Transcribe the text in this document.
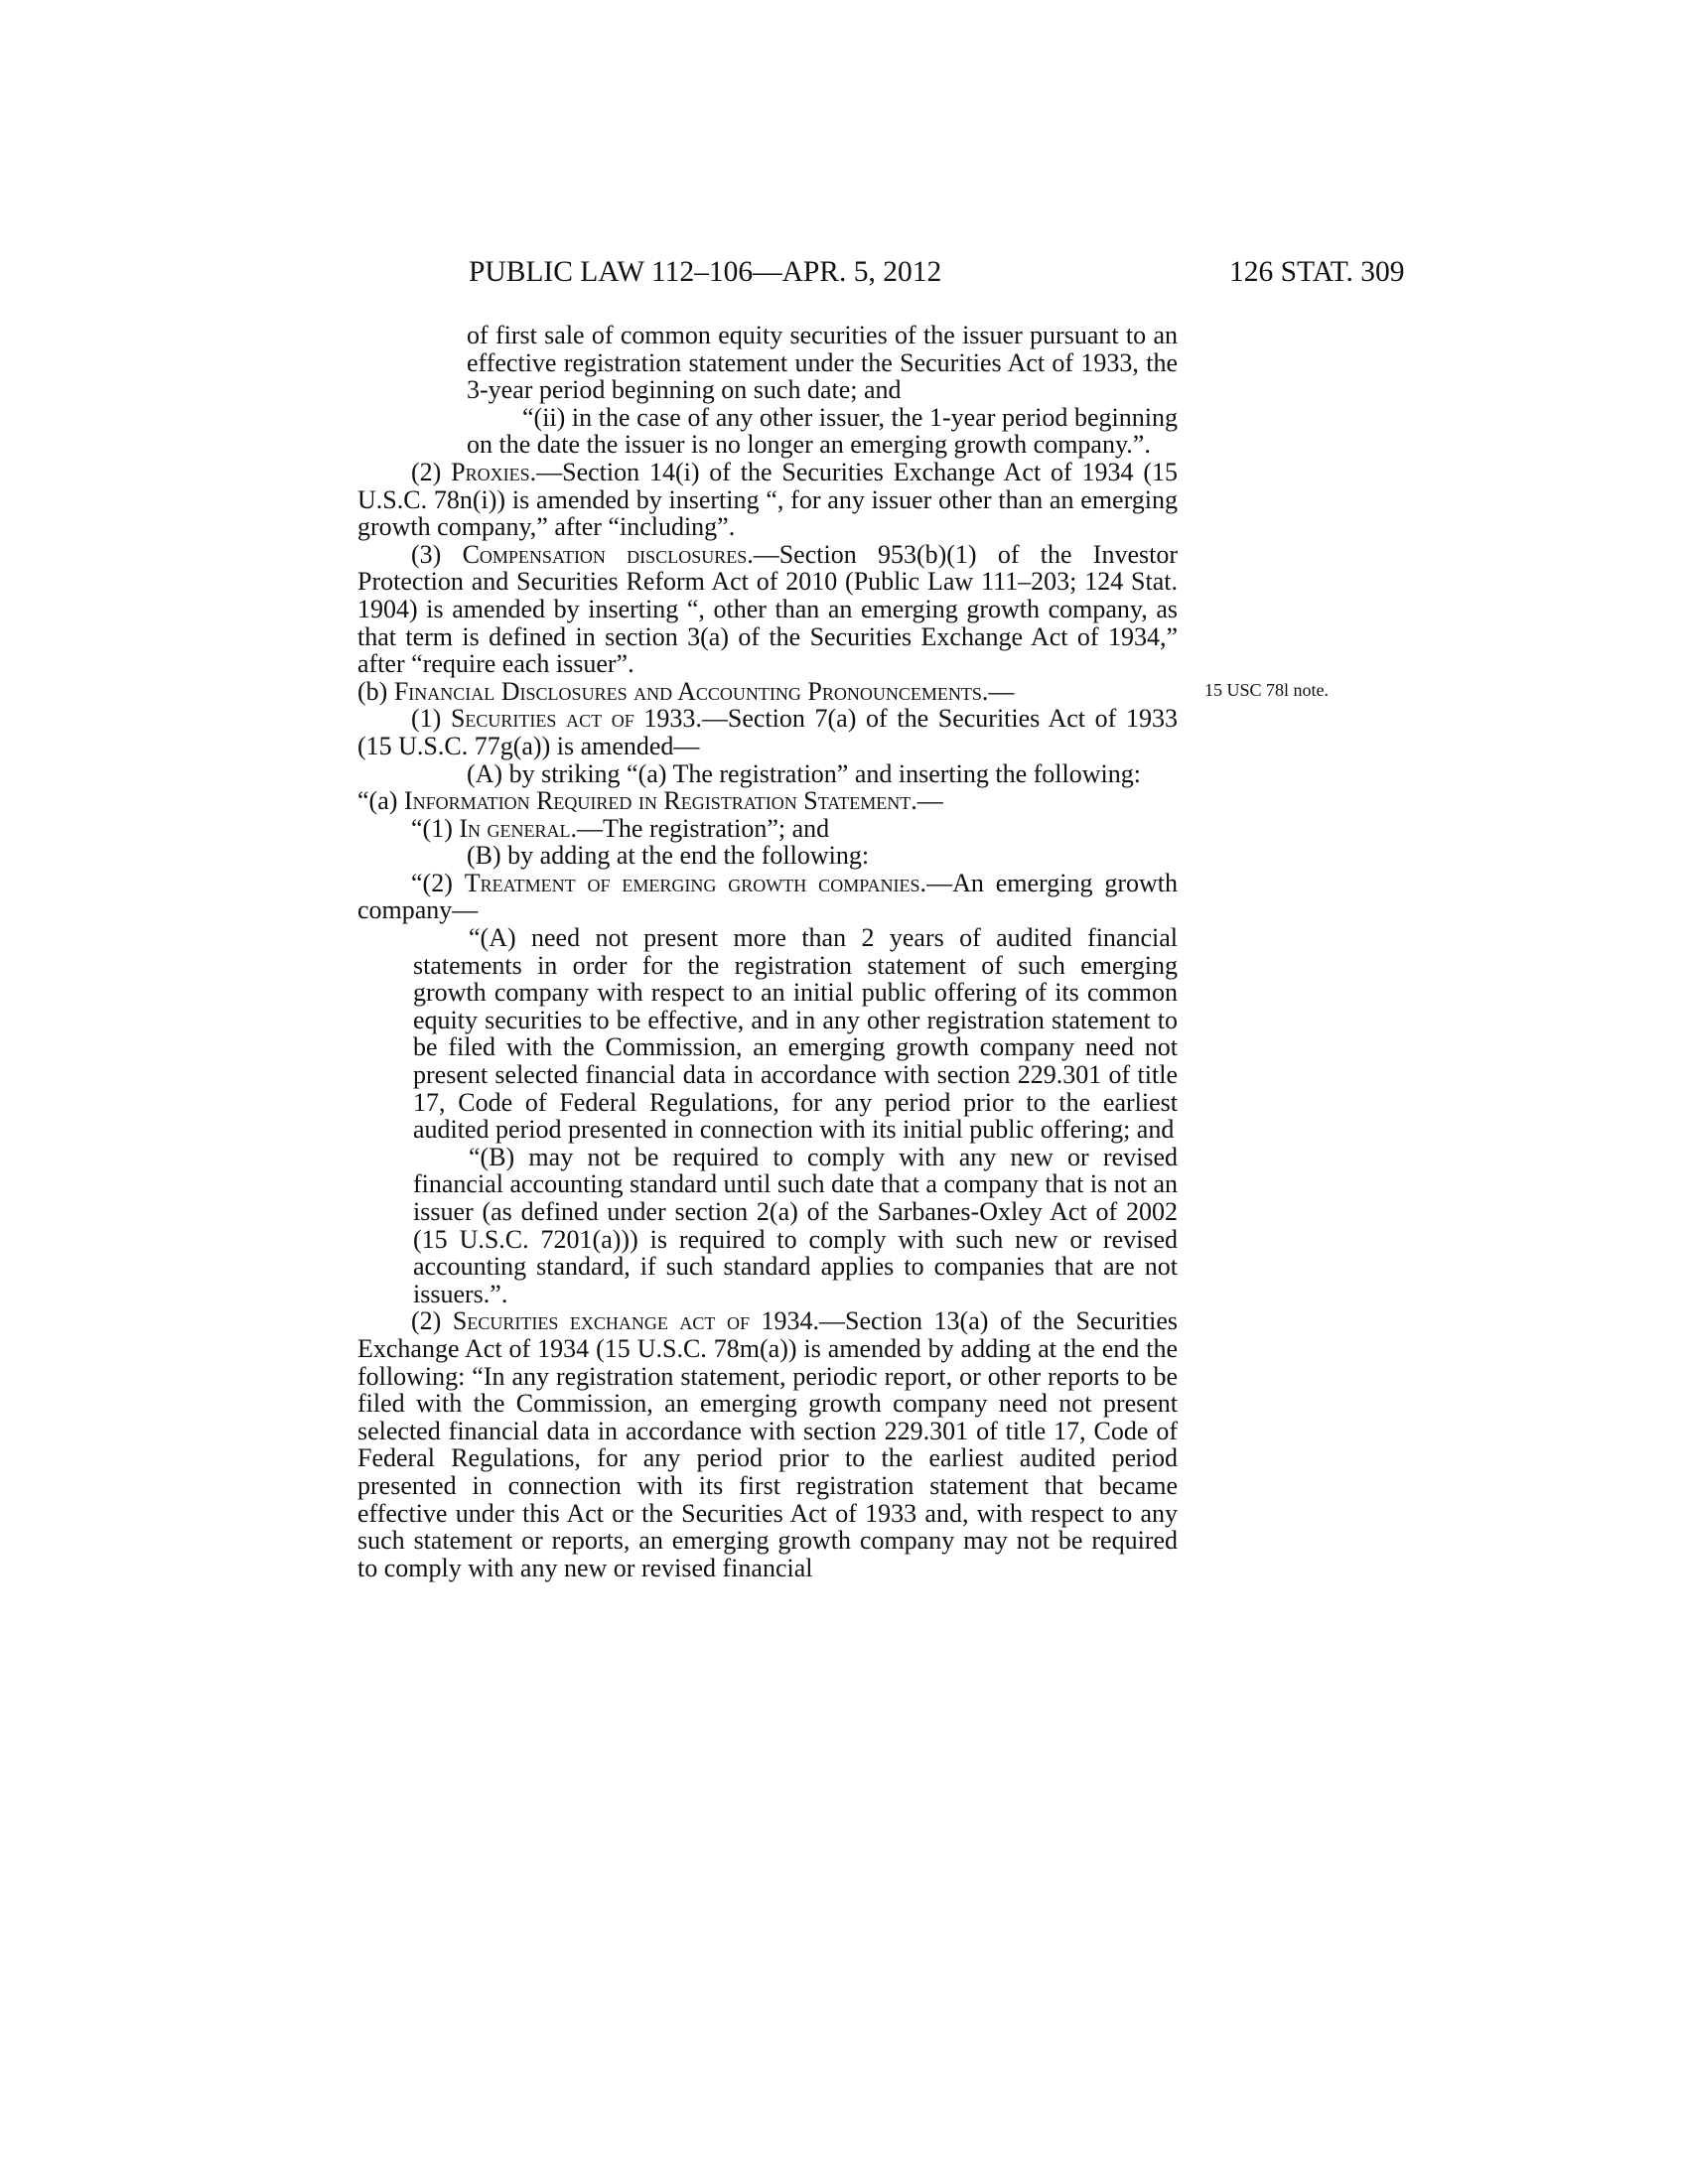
PUBLIC LAW 112–106—APR. 5, 2012	126 STAT. 309
15 USC 78l note.

of first sale of common equity securities of the issuer pursuant to an effective registration statement under the Securities Act of 1933, the 3-year period beginning on such date; and

“(ii) in the case of any other issuer, the 1-year period beginning on the date the issuer is no longer an emerging growth company.”.

(2) Proxies.—Section 14(i) of the Securities Exchange Act of 1934 (15 U.S.C. 78n(i)) is amended by inserting “, for any issuer other than an emerging growth company,” after “including”.

(3) Compensation disclosures.—Section 953(b)(1) of the Investor Protection and Securities Reform Act of 2010 (Public Law 111–203; 124 Stat. 1904) is amended by inserting “, other than an emerging growth company, as that term is defined in section 3(a) of the Securities Exchange Act of 1934,” after “require each issuer”.

(b) Financial Disclosures and Accounting Pronouncements.—

(1) Securities act of 1933.—Section 7(a) of the Securities Act of 1933 (15 U.S.C. 77g(a)) is amended—

(A) by striking “(a) The registration” and inserting the following:

“(a) Information Required in Registration Statement.—

“(1) In general.—The registration”; and

(B) by adding at the end the following:

“(2) Treatment of emerging growth companies.—An emerging growth company—

“(A) need not present more than 2 years of audited financial statements in order for the registration statement of such emerging growth company with respect to an initial public offering of its common equity securities to be effective, and in any other registration statement to be filed with the Commission, an emerging growth company need not present selected financial data in accordance with section 229.301 of title 17, Code of Federal Regulations, for any period prior to the earliest audited period presented in connection with its initial public offering; and

“(B) may not be required to comply with any new or revised financial accounting standard until such date that a company that is not an issuer (as defined under section 2(a) of the Sarbanes-Oxley Act of 2002 (15 U.S.C. 7201(a))) is required to comply with such new or revised accounting standard, if such standard applies to companies that are not issuers.”.

(2) Securities exchange act of 1934.—Section 13(a) of the Securities Exchange Act of 1934 (15 U.S.C. 78m(a)) is amended by adding at the end the following: “In any registration statement, periodic report, or other reports to be filed with the Commission, an emerging growth company need not present selected financial data in accordance with section 229.301 of title 17, Code of Federal Regulations, for any period prior to the earliest audited period presented in connection with its first registration statement that became effective under this Act or the Securities Act of 1933 and, with respect to any such statement or reports, an emerging growth company may not be required to comply with any new or revised financial
